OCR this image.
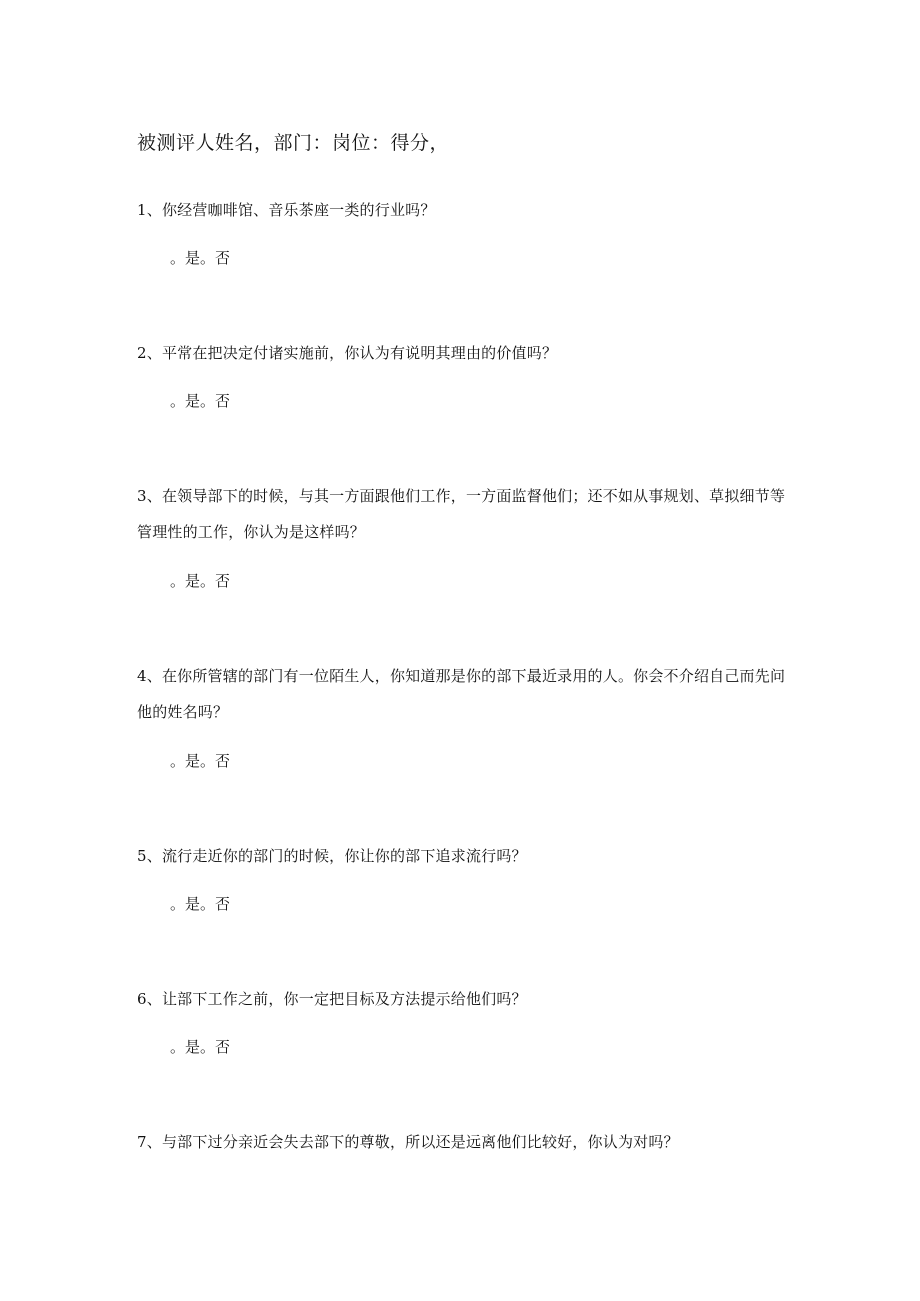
被测评人姓名，部门：岗位：得分，
1、你经营咖啡馆、音乐茶座一类的行业吗？
。是。否
2、平常在把决定付诸实施前，你认为有说明其理由的价值吗？
。是。否
3、在领导部下的时候，与其一方面跟他们工作，一方面监督他们；还不如从事规划、草拟细节等管理性的工作，你认为是这样吗？
。是。否
4、在你所管辖的部门有一位陌生人，你知道那是你的部下最近录用的人。你会不介绍自己而先问他的姓名吗？
。是。否
5、流行走近你的部门的时候，你让你的部下追求流行吗？
。是。否
6、让部下工作之前，你一定把目标及方法提示给他们吗？
。是。否
7、与部下过分亲近会失去部下的尊敬，所以还是远离他们比较好，你认为对吗？
